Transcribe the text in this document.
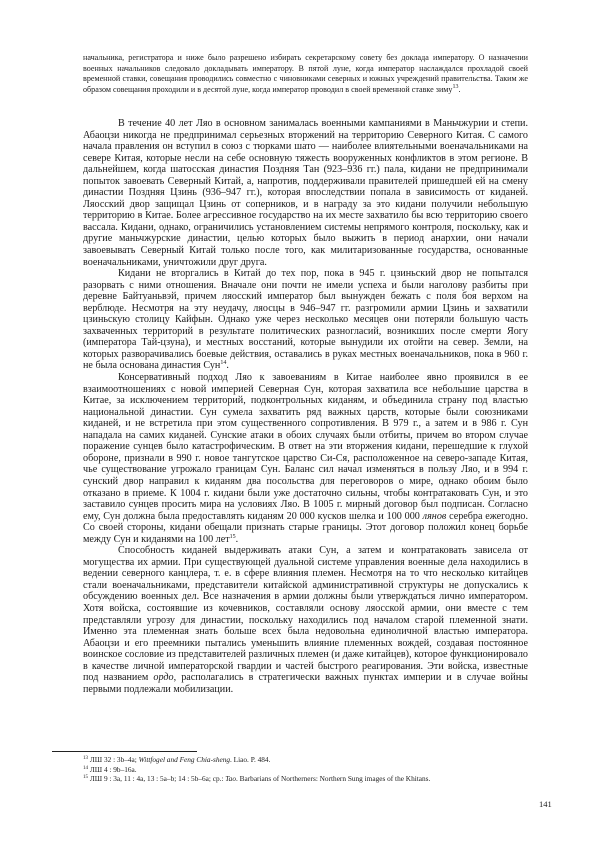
начальника, регистратора и ниже было разрешено избирать секретарскому совету без доклада императору. О назначении военных начальников следовало докладывать императору. В пятой луне, когда император наслаждался прохладой своей временной ставки, совещания проводились совместно с чиновниками северных и южных учреждений правительства. Таким же образом совещания проходили и в десятой луне, когда император проводил в своей временной ставке зиму$^{13}$.

В течение 40 лет Ляо в основном занималась военными кампаниями в Маньчжурии и степи. Абаоцзи никогда не предпринимал серьезных вторжений на территорию Северного Китая. С самого начала правления он вступил в союз с тюрками шато — наиболее влиятельными военачальниками на севере Китая, которые несли на себе основную тяжесть вооруженных конфликтов в этом регионе. В дальнейшем, когда шатосская династия Поздняя Тан (923–936 гг.) пала, кидани не предпринимали попыток завоевать Северный Китай, а, напротив, поддерживали правителей пришедшей ей на смену династии Поздняя Цзинь (936–947 гг.), которая впоследствии попала в зависимость от киданей. Ляосский двор защищал Цзинь от соперников, и в награду за это кидани получили небольшую территорию в Китае. Более агрессивное государство на их месте захватило бы всю территорию своего вассала. Кидани, однако, ограничились установлением системы непрямого контроля, поскольку, как и другие маньчжурские династии, целью которых было выжить в период анархии, они начали завоевывать Северный Китай только после того, как милитаризованные государства, основанные военачальниками, уничтожили друг друга.

Кидани не вторгались в Китай до тех пор, пока в 945 г. цзиньский двор не попытался разорвать с ними отношения. Вначале они почти не имели успеха и были наголову разбиты при деревне Байтуаньвэй, причем ляосский император был вынужден бежать с поля боя верхом на верблюде. Несмотря на эту неудачу, ляосцы в 946–947 гг. разгромили армии Цзинь и захватили цзиньскую столицу Кайфын. Однако уже через несколько месяцев они потеряли большую часть захваченных территорий в результате политических разногласий, возникших после смерти Яогу (императора Тай-цзуна), и местных восстаний, которые вынудили их отойти на север. Земли, на которых разворачивались боевые действия, оставались в руках местных военачальников, пока в 960 г. не была основана династия Сун$^{14}$.

Консервативный подход Ляо к завоеваниям в Китае наиболее явно проявился в ее взаимоотношениях с новой империей Северная Сун, которая захватила все небольшие царства в Китае, за исключением территорий, подконтрольных киданям, и объединила страну под властью национальной династии. Сун сумела захватить ряд важных царств, которые были союзниками киданей, и не встретила при этом существенного сопротивления. В 979 г., а затем и в 986 г. Сун нападала на самих киданей. Сунские атаки в обоих случаях были отбиты, причем во втором случае поражение сунцев было катастрофическим. В ответ на эти вторжения кидани, перешедшие к глухой обороне, признали в 990 г. новое тангутское царство Си-Ся, расположенное на северо-западе Китая, чье существование угрожало границам Сун. Баланс сил начал изменяться в пользу Ляо, и в 994 г. сунский двор направил к киданям два посольства для переговоров о мире, однако обоим было отказано в приеме. К 1004 г. кидани были уже достаточно сильны, чтобы контратаковать Сун, и это заставило сунцев просить мира на условиях Ляо. В 1005 г. мирный договор был подписан. Согласно ему, Сун должна была предоставлять киданям 20 000 кусков шелка и 100 000 лянов серебра ежегодно. Со своей стороны, кидани обещали признать старые границы. Этот договор положил конец борьбе между Сун и киданями на 100 лет$^{15}$.

Способность киданей выдерживать атаки Сун, а затем и контратаковать зависела от могущества их армии. При существующей дуальной системе управления военные дела находились в ведении северного канцлера, т. е. в сфере влияния племен. Несмотря на то что несколько китайцев стали военачальниками, представители китайской административной структуры не допускались к обсуждению военных дел. Все назначения в армии должны были утверждаться лично императором. Хотя войска, состоявшие из кочевников, составляли основу ляосской армии, они вместе с тем представляли угрозу для династии, поскольку находились под началом старой племенной знати. Именно эта племенная знать больше всех была недовольна единоличной властью императора. Абаоцзи и его преемники пытались уменьшить влияние племенных вождей, создавая постоянное воинское сословие из представителей различных племен (и даже китайцев), которое функционировало в качестве личной императорской гвардии и частей быстрого реагирования. Эти войска, известные под названием ордо, располагались в стратегически важных пунктах империи и в случае войны первыми подлежали мобилизации.

$^{13}$ ЛШ 32 : 3b–4a; Wittfogel and Feng Chia-sheng. Liao. P. 484.

$^{14}$ ЛШ 4 : 9b–16a.

$^{15}$ ЛШ 9 : 3a, 11 : 4a, 13 : 5a–b; 14 : 5b–6a; ср.: Tao. Barbarians of Northerners: Northern Sung images of the Khitans.

141
